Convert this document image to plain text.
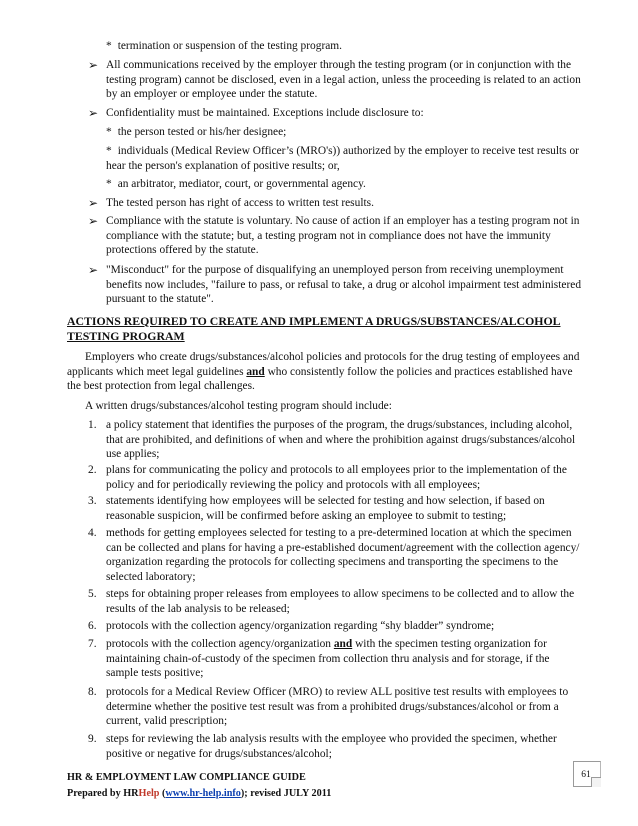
* termination or suspension of the testing program.
➢ All communications received by the employer through the testing program (or in conjunction with the testing program) cannot be disclosed, even in a legal action, unless the proceeding is related to an action by an employer or employee under the statute.
➢ Confidentiality must be maintained. Exceptions include disclosure to:
* the person tested or his/her designee;
* individuals (Medical Review Officer’s (MRO's)) authorized by the employer to receive test results or hear the person's explanation of positive results; or,
* an arbitrator, mediator, court, or governmental agency.
➢ The tested person has right of access to written test results.
➢ Compliance with the statute is voluntary. No cause of action if an employer has a testing program not in compliance with the statute; but, a testing program not in compliance does not have the immunity protections offered by the statute.
➢ "Misconduct" for the purpose of disqualifying an unemployed person from receiving unemployment benefits now includes, "failure to pass, or refusal to take, a drug or alcohol impairment test administered pursuant to the statute".
ACTIONS REQUIRED TO CREATE AND IMPLEMENT A DRUGS/SUBSTANCES/ALCOHOL TESTING PROGRAM
Employers who create drugs/substances/alcohol policies and protocols for the drug testing of employees and applicants which meet legal guidelines and who consistently follow the policies and practices established have the best protection from legal challenges.
A written drugs/substances/alcohol testing program should include:
1. a policy statement that identifies the purposes of the program, the drugs/substances, including alcohol, that are prohibited, and definitions of when and where the prohibition against drugs/substances/alcohol use applies;
2. plans for communicating the policy and protocols to all employees prior to the implementation of the policy and for periodically reviewing the policy and protocols with all employees;
3. statements identifying how employees will be selected for testing and how selection, if based on reasonable suspicion, will be confirmed before asking an employee to submit to testing;
4. methods for getting employees selected for testing to a pre-determined location at which the specimen can be collected and plans for having a pre-established document/agreement with the collection agency/ organization regarding the protocols for collecting specimens and transporting the specimens to the selected laboratory;
5. steps for obtaining proper releases from employees to allow specimens to be collected and to allow the results of the lab analysis to be released;
6. protocols with the collection agency/organization regarding “shy bladder” syndrome;
7. protocols with the collection agency/organization and with the specimen testing organization for maintaining chain-of-custody of the specimen from collection thru analysis and for storage, if the sample tests positive;
8. protocols for a Medical Review Officer (MRO) to review ALL positive test results with employees to determine whether the positive test result was from a prohibited drugs/substances/alcohol or from a current, valid prescription;
9. steps for reviewing the lab analysis results with the employee who provided the specimen, whether positive or negative for drugs/substances/alcohol;
61
HR & EMPLOYMENT LAW COMPLIANCE GUIDE
Prepared by HRHelp (www.hr-help.info); revised JULY 2011
